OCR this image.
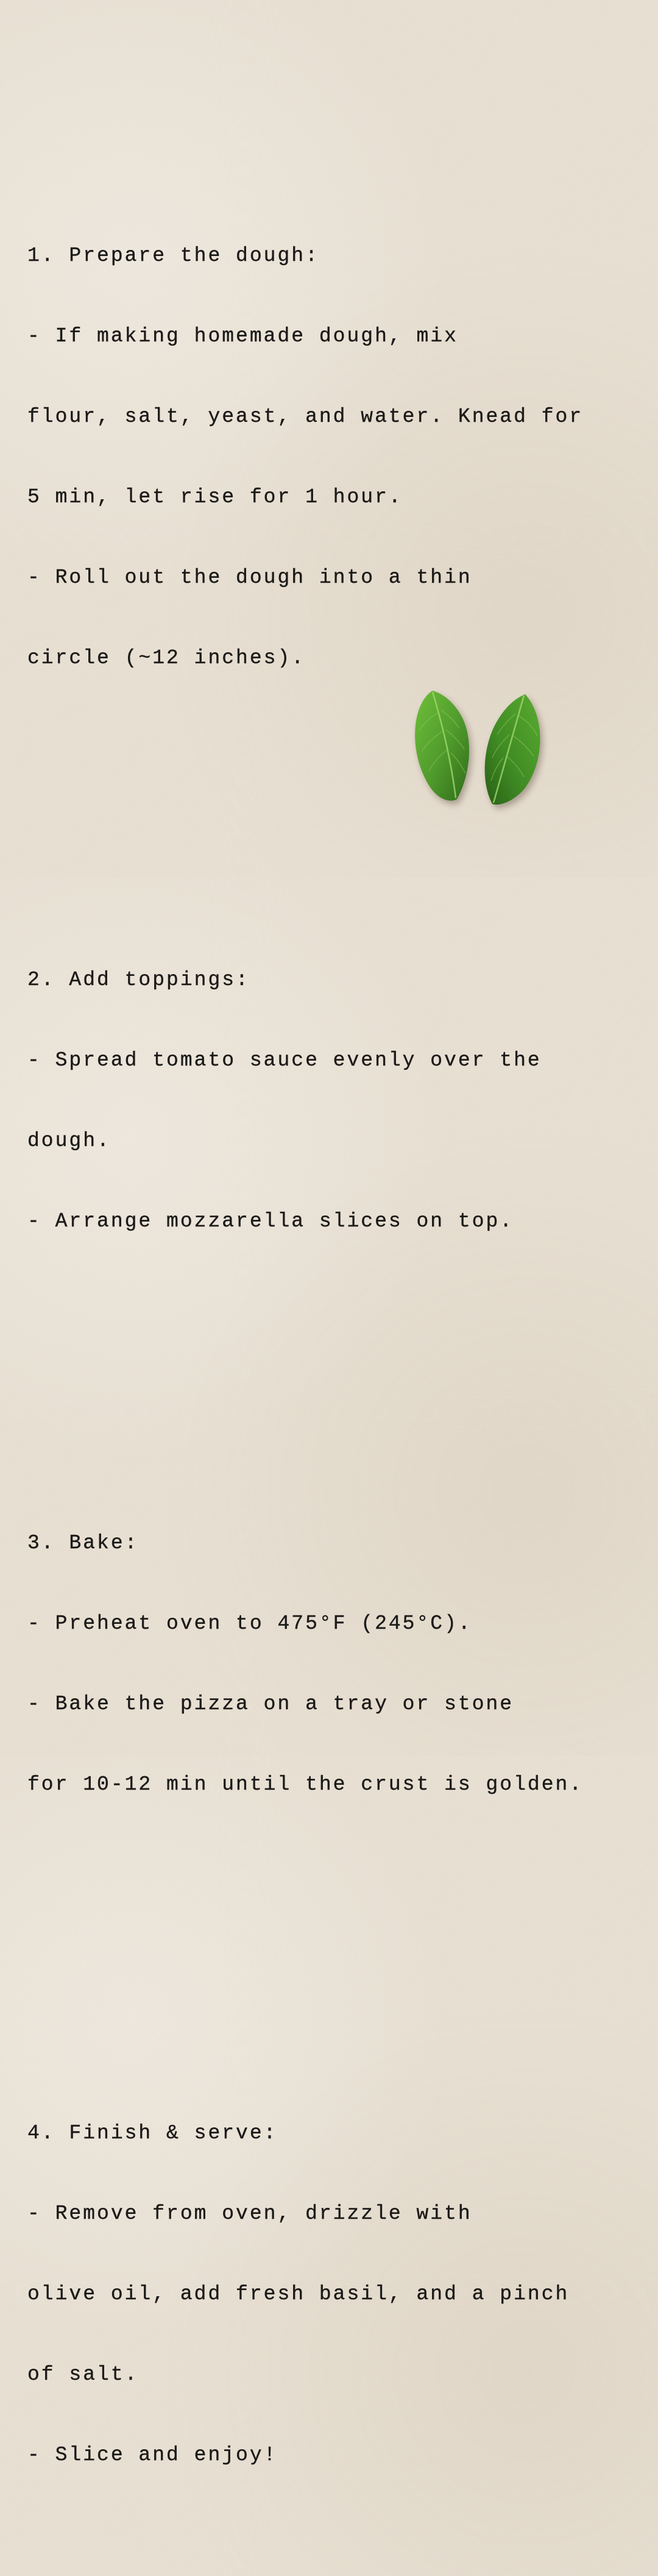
1. Prepare the dough:

- If making homemade dough, mix

flour, salt, yeast, and water. Knead for

5 min, let rise for 1 hour.

- Roll out the dough into a thin

circle (~12 inches).

2. Add toppings:

- Spread tomato sauce evenly over the

dough.

- Arrange mozzarella slices on top.

3. Bake:

- Preheat oven to 475°F (245°C).

- Bake the pizza on a tray or stone

for 10-12 min until the crust is golden.

4. Finish & serve:

- Remove from oven, drizzle with

olive oil, add fresh basil, and a pinch

of salt.

- Slice and enjoy!
